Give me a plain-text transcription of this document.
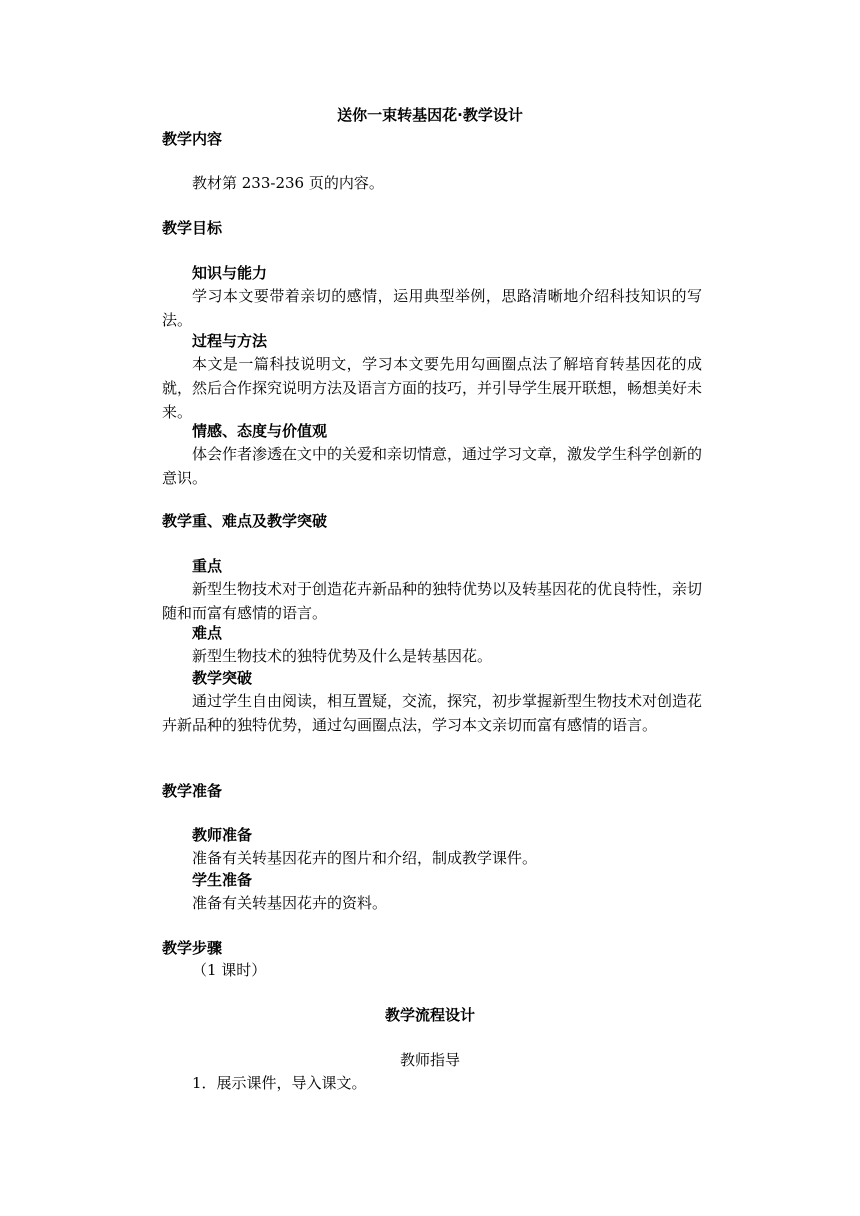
送你一束转基因花·教学设计
教学内容
教材第 233-236 页的内容。
教学目标
知识与能力
学习本文要带着亲切的感情，运用典型举例，思路清晰地介绍科技知识的写法。
过程与方法
本文是一篇科技说明文，学习本文要先用勾画圈点法了解培育转基因花的成就，然后合作探究说明方法及语言方面的技巧，并引导学生展开联想，畅想美好未来。
情感、态度与价值观
体会作者渗透在文中的关爱和亲切情意，通过学习文章，激发学生科学创新的意识。
教学重、难点及教学突破
重点
新型生物技术对于创造花卉新品种的独特优势以及转基因花的优良特性，亲切随和而富有感情的语言。
难点
新型生物技术的独特优势及什么是转基因花。
教学突破
通过学生自由阅读，相互置疑，交流，探究，初步掌握新型生物技术对创造花卉新品种的独特优势，通过勾画圈点法，学习本文亲切而富有感情的语言。
教学准备
教师准备
准备有关转基因花卉的图片和介绍，制成教学课件。
学生准备
准备有关转基因花卉的资料。
教学步骤
（1 课时）
教学流程设计
教师指导
1．展示课件，导入课文。
